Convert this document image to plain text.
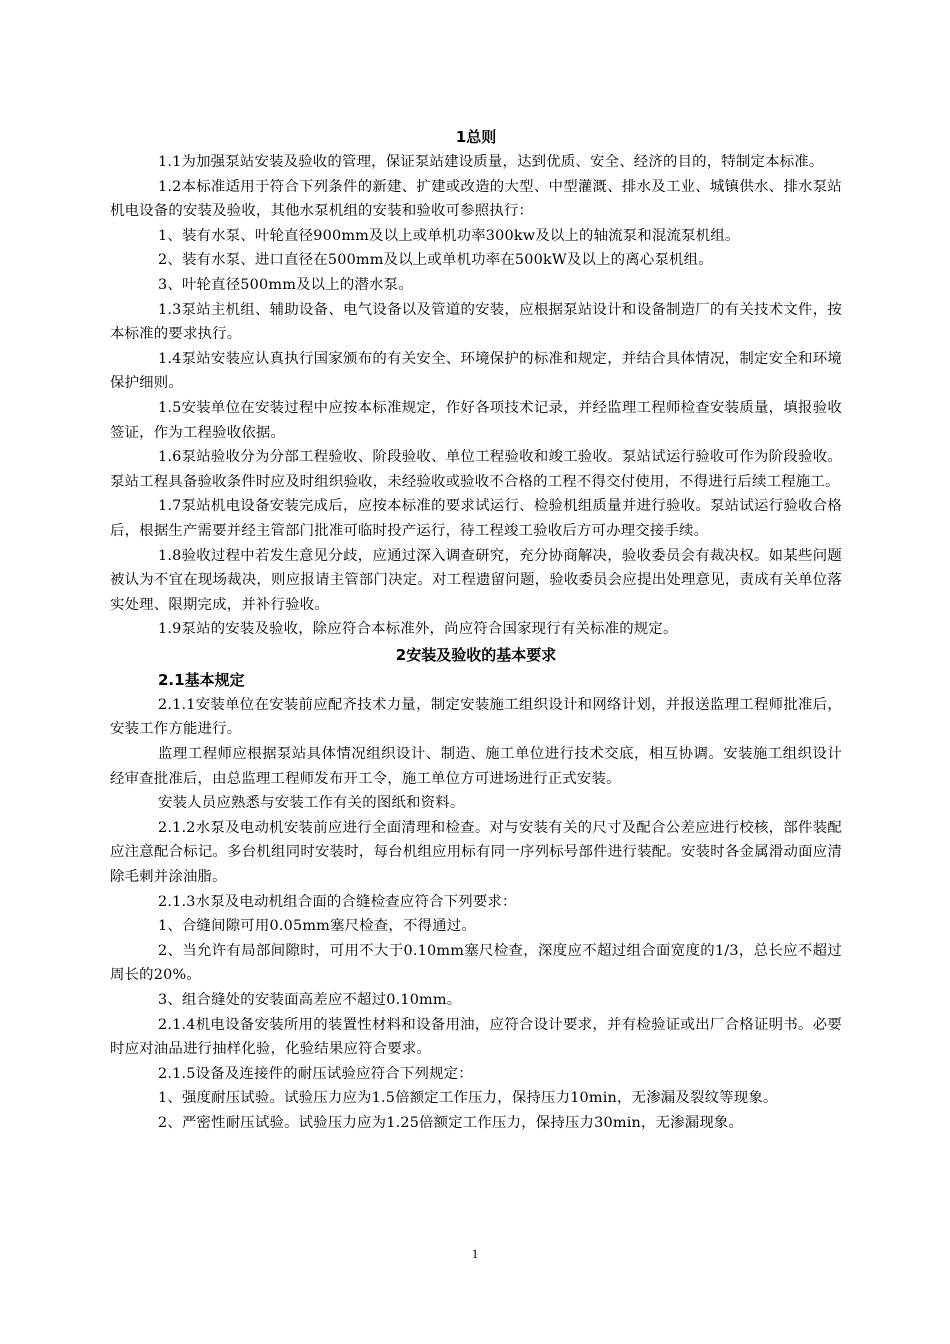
1总则

1.1为加强泵站安装及验收的管理，保证泵站建设质量，达到优质、安全、经济的目的，特制定本标准。

1.2本标准适用于符合下列条件的新建、扩建或改造的大型、中型灌溉、排水及工业、城镇供水、排水泵站机电设备的安装及验收，其他水泵机组的安装和验收可参照执行：

1、装有水泵、叶轮直径900mm及以上或单机功率300kw及以上的轴流泵和混流泵机组。

2、装有水泵、进口直径在500mm及以上或单机功率在500kW及以上的离心泵机组。

3、叶轮直径500mm及以上的潜水泵。

1.3泵站主机组、辅助设备、电气设备以及管道的安装，应根据泵站设计和设备制造厂的有关技术文件，按本标准的要求执行。

1.4泵站安装应认真执行国家颁布的有关安全、环境保护的标准和规定，并结合具体情况，制定安全和环境保护细则。

1.5安装单位在安装过程中应按本标准规定，作好各项技术记录，并经监理工程师检查安装质量，填报验收签证，作为工程验收依据。

1.6泵站验收分为分部工程验收、阶段验收、单位工程验收和竣工验收。泵站试运行验收可作为阶段验收。泵站工程具备验收条件时应及时组织验收，未经验收或验收不合格的工程不得交付使用，不得进行后续工程施工。

1.7泵站机电设备安装完成后，应按本标准的要求试运行、检验机组质量并进行验收。泵站试运行验收合格后，根据生产需要并经主管部门批准可临时投产运行，待工程竣工验收后方可办理交接手续。

1.8验收过程中若发生意见分歧，应通过深入调查研究，充分协商解决，验收委员会有裁决权。如某些问题被认为不宜在现场裁决，则应报请主管部门决定。对工程遗留问题，验收委员会应提出处理意见，责成有关单位落实处理、限期完成，并补行验收。

1.9泵站的安装及验收，除应符合本标准外，尚应符合国家现行有关标准的规定。

2安装及验收的基本要求
2.1基本规定

2.1.1安装单位在安装前应配齐技术力量，制定安装施工组织设计和网络计划，并报送监理工程师批准后，安装工作方能进行。

监理工程师应根据泵站具体情况组织设计、制造、施工单位进行技术交底，相互协调。安装施工组织设计经审查批准后，由总监理工程师发布开工令，施工单位方可进场进行正式安装。

安装人员应熟悉与安装工作有关的图纸和资料。

2.1.2水泵及电动机安装前应进行全面清理和检查。对与安装有关的尺寸及配合公差应进行校核，部件装配应注意配合标记。多台机组同时安装时，每台机组应用标有同一序列标号部件进行装配。安装时各金属滑动面应清除毛刺并涂油脂。

2.1.3水泵及电动机组合面的合缝检查应符合下列要求：

1、合缝间隙可用0.05mm塞尺检查，不得通过。

2、当允许有局部间隙时，可用不大于0.10mm塞尺检查，深度应不超过组合面宽度的1/3，总长应不超过周长的20%。

3、组合缝处的安装面高差应不超过0.10mm。

2.1.4机电设备安装所用的装置性材料和设备用油，应符合设计要求，并有检验证或出厂合格证明书。必要时应对油品进行抽样化验，化验结果应符合要求。

2.1.5设备及连接件的耐压试验应符合下列规定：

1、强度耐压试验。试验压力应为1.5倍额定工作压力，保持压力10min，无渗漏及裂纹等现象。

2、严密性耐压试验。试验压力应为1.25倍额定工作压力，保持压力30min，无渗漏现象。

1
